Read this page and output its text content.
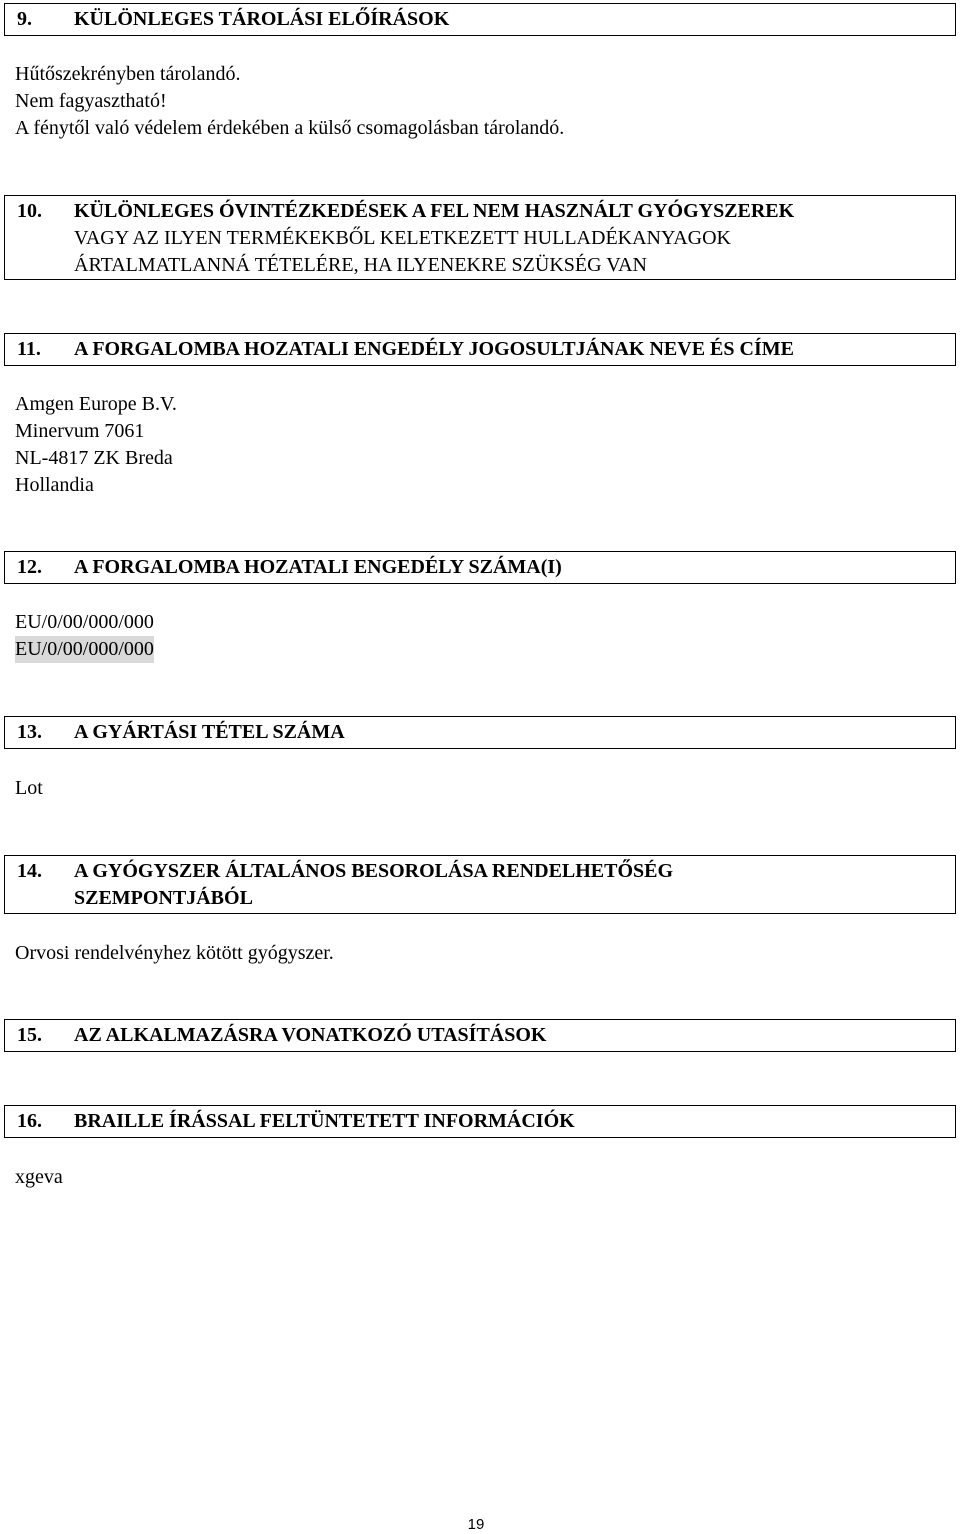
9. KÜLÖNLEGES TÁROLÁSI ELŐÍRÁSOK
Hűtőszekrényben tárolandó.
Nem fagyasztható!
A fénytől való védelem érdekében a külső csomagolásban tárolandó.
10. KÜLÖNLEGES ÓVINTÉZKEDÉSEK A FEL NEM HASZNÁLT GYÓGYSZEREK
VAGY AZ ILYEN TERMÉKEKBŐL KELETKEZETT HULLADÉKANYAGOK
ÁRTALMATLANNÁ TÉTELÉRE, HA ILYENEKRE SZÜKSÉG VAN
11. A FORGALOMBA HOZATALI ENGEDÉLY JOGOSULTJÁNAK NEVE ÉS CÍME
Amgen Europe B.V.
Minervum 7061
NL-4817 ZK Breda
Hollandia
12. A FORGALOMBA HOZATALI ENGEDÉLY SZÁMA(I)
EU/0/00/000/000
EU/0/00/000/000
13. A GYÁRTÁSI TÉTEL SZÁMA
Lot
14. A GYÓGYSZER ÁLTALÁNOS BESOROLÁSA RENDELHETŐSÉG
SZEMPONTJÁBÓL
Orvosi rendelvényhez kötött gyógyszer.
15. AZ ALKALMAZÁSRA VONATKOZÓ UTASÍTÁSOK
16. BRAILLE ÍRÁSSAL FELTÜNTETETT INFORMÁCIÓK
xgeva
19
